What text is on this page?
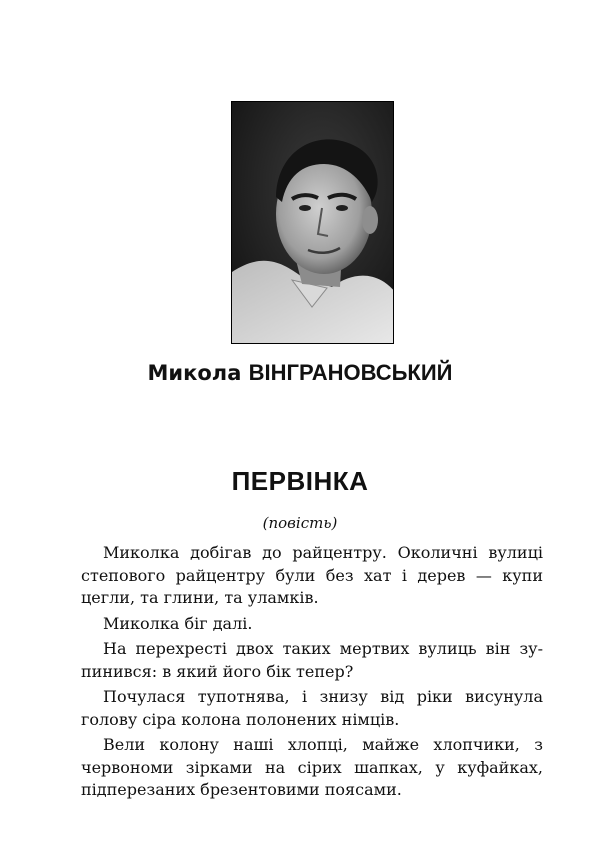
Микола ВІНГРАНОВСЬКИЙ
ПЕРВІНКА
(повість)

Миколка добігав до райцентру. Околичні вулиці степового райцентру були без хат і дерев — купи цегли, та глини, та уламків.

Миколка біг далі.

На перехресті двох таких мертвих вулиць він зупинився: в який його бік тепер?

Почулася тупотнява, і знизу від ріки висунула голову сіра колона полонених німців.

Вели колону наші хлопці, майже хлопчики, з червономи зірками на сірих шапках, у куфайках, підперезаних брезентовими поясами.
